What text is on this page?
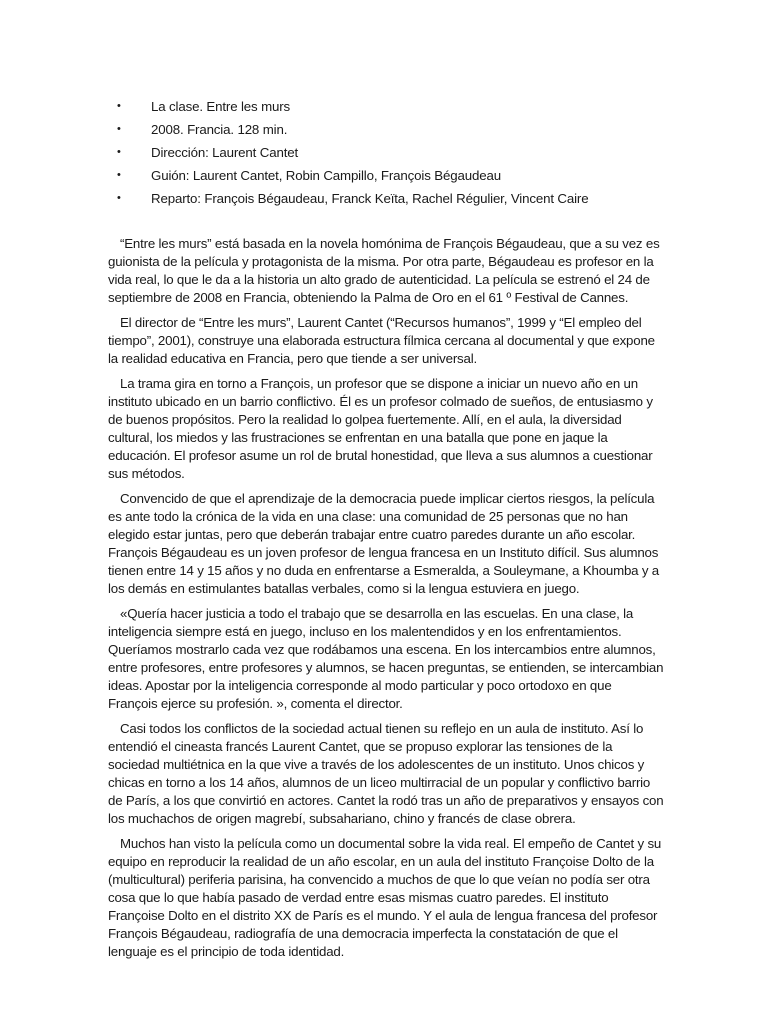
•	La clase. Entre les murs
•	2008. Francia. 128 min.
•	Dirección: Laurent Cantet
•	Guión: Laurent Cantet, Robin Campillo, François Bégaudeau
•	Reparto: François Bégaudeau, Franck Keïta, Rachel Régulier, Vincent Caire

“Entre les murs” está basada en la novela homónima de François Bégaudeau, que a su vez es guionista de la película y protagonista de la misma. Por otra parte, Bégaudeau es profesor en la vida real, lo que le da a la historia un alto grado de autenticidad. La película se estrenó el 24 de septiembre de 2008 en Francia, obteniendo la Palma de Oro en el 61 º Festival de Cannes.

El director de “Entre les murs”, Laurent Cantet (“Recursos humanos”, 1999 y “El empleo del tiempo”, 2001), construye una elaborada estructura fílmica cercana al documental y que expone la realidad educativa en Francia, pero que tiende a ser universal.

La trama gira en torno a François, un profesor que se dispone a iniciar un nuevo año en un instituto ubicado en un barrio conflictivo. Él es un profesor colmado de sueños, de entusiasmo y de buenos propósitos. Pero la realidad lo golpea fuertemente. Allí, en el aula, la diversidad cultural, los miedos y las frustraciones se enfrentan en una batalla que pone en jaque la educación. El profesor asume un rol de brutal honestidad, que lleva a sus alumnos a cuestionar sus métodos.

Convencido de que el aprendizaje de la democracia puede implicar ciertos riesgos, la película es ante todo la crónica de la vida en una clase: una comunidad de 25 personas que no han elegido estar juntas, pero que deberán trabajar entre cuatro paredes durante un año escolar. François Bégaudeau es un joven profesor de lengua francesa en un Instituto difícil. Sus alumnos tienen entre 14 y 15 años y no duda en enfrentarse a Esmeralda, a Souleymane, a Khoumba y a los demás en estimulantes batallas verbales, como si la lengua estuviera en juego.

«Quería hacer justicia a todo el trabajo que se desarrolla en las escuelas. En una clase, la inteligencia siempre está en juego, incluso en los malentendidos y en los enfrentamientos. Queríamos mostrarlo cada vez que rodábamos una escena. En los intercambios entre alumnos, entre profesores, entre profesores y alumnos, se hacen preguntas, se entienden, se intercambian ideas. Apostar por la inteligencia corresponde al modo particular y poco ortodoxo en que François ejerce su profesión. », comenta el director.

Casi todos los conflictos de la sociedad actual tienen su reflejo en un aula de instituto. Así lo entendió el cineasta francés Laurent Cantet, que se propuso explorar las tensiones de la sociedad multiétnica en la que vive a través de los adolescentes de un instituto. Unos chicos y chicas en torno a los 14 años, alumnos de un liceo multirracial de un popular y conflictivo barrio de París, a los que convirtió en actores. Cantet la rodó tras un año de preparativos y ensayos con los muchachos de origen magrebí, subsahariano, chino y francés de clase obrera.

Muchos han visto la película como un documental sobre la vida real. El empeño de Cantet y su equipo en reproducir la realidad de un año escolar, en un aula del instituto Françoise Dolto de la (multicultural) periferia parisina, ha convencido a muchos de que lo que veían no podía ser otra cosa que lo que había pasado de verdad entre esas mismas cuatro paredes. El instituto Françoise Dolto en el distrito XX de París es el mundo. Y el aula de lengua francesa del profesor François Bégaudeau, radiografía de una democracia imperfecta la constatación de que el lenguaje es el principio de toda identidad.
